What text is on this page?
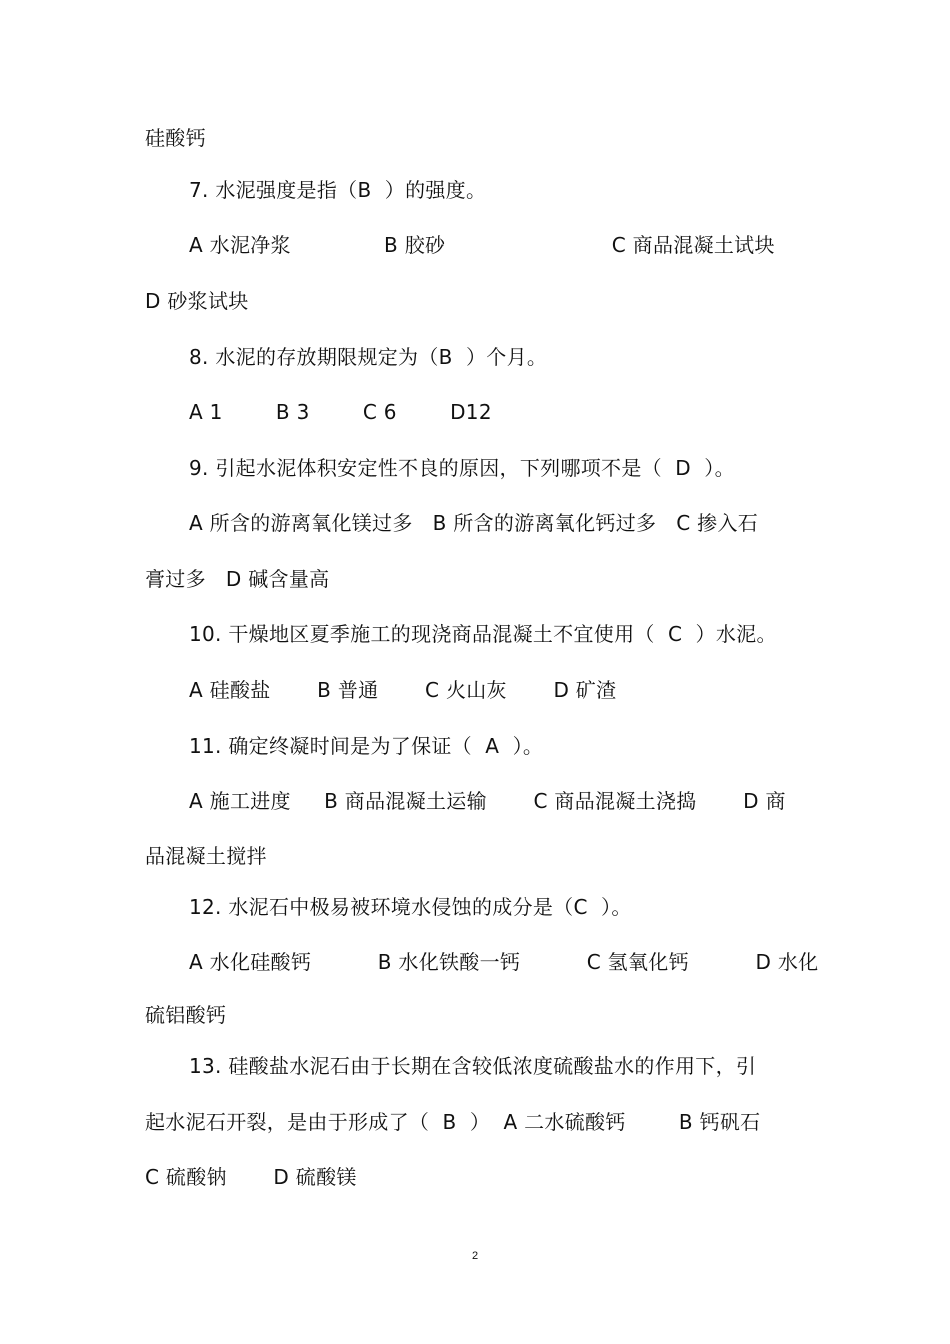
硅酸钙
7. 水泥强度是指（B  ）的强度。
A 水泥净浆              B 胶砂                         C 商品混凝土试块
D 砂浆试块
8. 水泥的存放期限规定为（B  ）个月。
A 1        B 3        C 6        D12
9. 引起水泥体积安定性不良的原因，下列哪项不是（  D  ）。
A 所含的游离氧化镁过多   B 所含的游离氧化钙过多   C 掺入石
膏过多   D 碱含量高
10. 干燥地区夏季施工的现浇商品混凝土不宜使用（  C  ）水泥。
A 硅酸盐       B 普通       C 火山灰       D 矿渣
11. 确定终凝时间是为了保证（  A  ）。
A 施工进度     B 商品混凝土运输       C 商品混凝土浇捣       D 商
品混凝土搅拌
12. 水泥石中极易被环境水侵蚀的成分是（C  ）。
A 水化硅酸钙          B 水化铁酸一钙          C 氢氧化钙          D 水化
硫铝酸钙
13. 硅酸盐水泥石由于长期在含较低浓度硫酸盐水的作用下，引
起水泥石开裂，是由于形成了（  B  ）  A 二水硫酸钙        B 钙矾石
C 硫酸钠       D 硫酸镁
2
